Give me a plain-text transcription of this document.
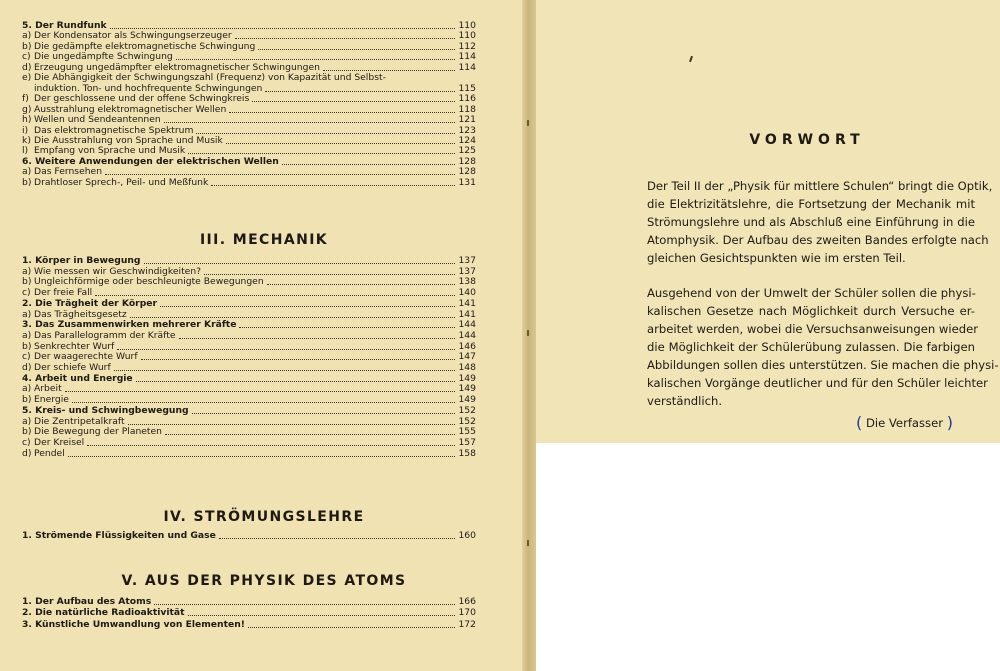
5. Der Rundfunk	110
a) Der Kondensator als Schwingungserzeuger	110
b) Die gedämpfte elektromagnetische Schwingung	112
c) Die ungedämpfte Schwingung	114
d) Erzeugung ungedämpfter elektromagnetischer Schwingungen	114
e) Die Abhängigkeit der Schwingungszahl (Frequenz) von Kapazität und Selbst-
induktion. Ton- und hochfrequente Schwingungen	115
f) Der geschlossene und der offene Schwingkreis	116
g) Ausstrahlung elektromagnetischer Wellen	118
h) Wellen und Sendeantennen	121
i) Das elektromagnetische Spektrum	123
k) Die Ausstrahlung von Sprache und Musik	124
l) Empfang von Sprache und Musik	125
6. Weitere Anwendungen der elektrischen Wellen	128
a) Das Fernsehen	128
b) Drahtloser Sprech-, Peil- und Meßfunk	131
III. MECHANIK
1. Körper in Bewegung	137
a) Wie messen wir Geschwindigkeiten?	137
b) Ungleichförmige oder beschleunigte Bewegungen	138
c) Der freie Fall	140
2. Die Trägheit der Körper	141
a) Das Trägheitsgesetz	141
3. Das Zusammenwirken mehrerer Kräfte	144
a) Das Parallelogramm der Kräfte	144
b) Senkrechter Wurf	146
c) Der waagerechte Wurf	147
d) Der schiefe Wurf	148
4. Arbeit und Energie	149
a) Arbeit	149
b) Energie	149
5. Kreis- und Schwingbewegung	152
a) Die Zentripetalkraft	152
b) Die Bewegung der Planeten	155
c) Der Kreisel	157
d) Pendel	158
IV. STRÖMUNGSLEHRE
1. Strömende Flüssigkeiten und Gase	160
V. AUS DER PHYSIK DES ATOMS
1. Der Aufbau des Atoms	166
2. Die natürliche Radioaktivität	170
3. Künstliche Umwandlung von Elementen!	172
VORWORT
Der Teil II der „Physik für mittlere Schulen“ bringt die Optik,
die Elektrizitätslehre, die Fortsetzung der Mechanik mit
Strömungslehre und als Abschluß eine Einführung in die
Atomphysik. Der Aufbau des zweiten Bandes erfolgte nach
gleichen Gesichtspunkten wie im ersten Teil.
Ausgehend von der Umwelt der Schüler sollen die physi-
kalischen Gesetze nach Möglichkeit durch Versuche er-
arbeitet werden, wobei die Versuchsanweisungen wieder
die Möglichkeit der Schülerübung zulassen. Die farbigen
Abbildungen sollen dies unterstützen. Sie machen die physi-
kalischen Vorgänge deutlicher und für den Schüler leichter
verständlich.
( Die Verfasser )
